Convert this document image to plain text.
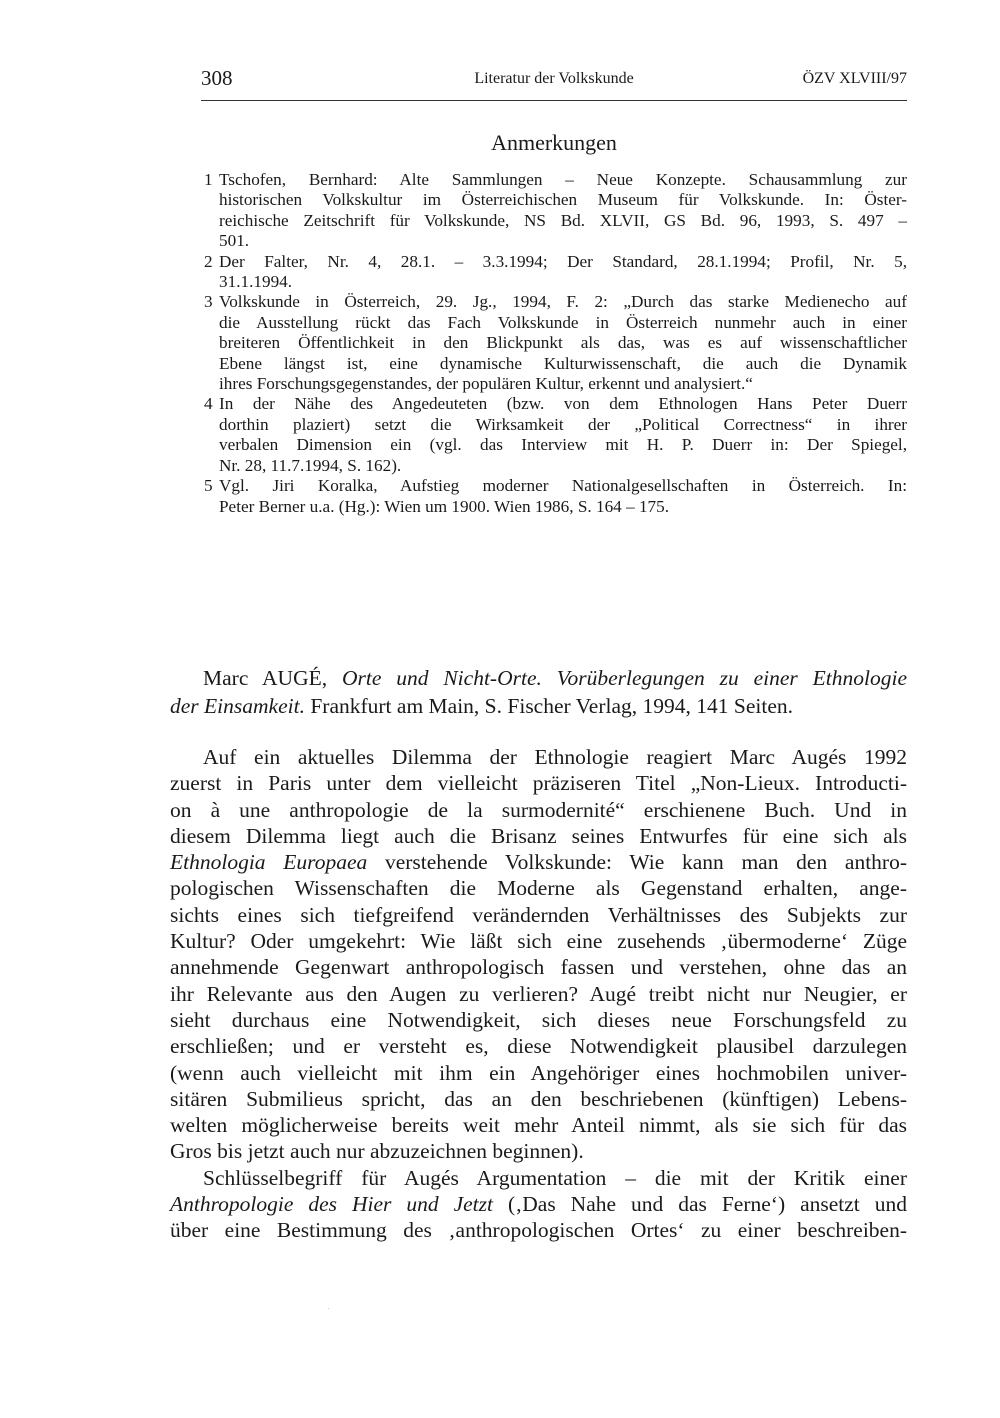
308	Literatur der Volkskunde	ÖZV XLVIII/97
Anmerkungen
1 Tschofen, Bernhard: Alte Sammlungen – Neue Konzepte. Schausammlung zur
historischen Volkskultur im Österreichischen Museum für Volkskunde. In: Öster-
reichische Zeitschrift für Volkskunde, NS Bd. XLVII, GS Bd. 96, 1993, S. 497 –
501.
2 Der Falter, Nr. 4, 28.1. – 3.3.1994; Der Standard, 28.1.1994; Profil, Nr. 5,
31.1.1994.
3 Volkskunde in Österreich, 29. Jg., 1994, F. 2: „Durch das starke Medienecho auf
die Ausstellung rückt das Fach Volkskunde in Österreich nunmehr auch in einer
breiteren Öffentlichkeit in den Blickpunkt als das, was es auf wissenschaftlicher
Ebene längst ist, eine dynamische Kulturwissenschaft, die auch die Dynamik
ihres Forschungsgegenstandes, der populären Kultur, erkennt und analysiert.“
4 In der Nähe des Angedeuteten (bzw. von dem Ethnologen Hans Peter Duerr
dorthin plaziert) setzt die Wirksamkeit der „Political Correctness“ in ihrer
verbalen Dimension ein (vgl. das Interview mit H. P. Duerr in: Der Spiegel,
Nr. 28, 11.7.1994, S. 162).
5 Vgl. Jiri Koralka, Aufstieg moderner Nationalgesellschaften in Österreich. In:
Peter Berner u.a. (Hg.): Wien um 1900. Wien 1986, S. 164 – 175.
Marc AUGÉ, Orte und Nicht-Orte. Vorüberlegungen zu einer Ethnologie
der Einsamkeit. Frankfurt am Main, S. Fischer Verlag, 1994, 141 Seiten.
Auf ein aktuelles Dilemma der Ethnologie reagiert Marc Augés 1992
zuerst in Paris unter dem vielleicht präziseren Titel „Non-Lieux. Introducti-
on à une anthropologie de la surmodernité“ erschienene Buch. Und in
diesem Dilemma liegt auch die Brisanz seines Entwurfes für eine sich als
Ethnologia Europaea verstehende Volkskunde: Wie kann man den anthro-
pologischen Wissenschaften die Moderne als Gegenstand erhalten, ange-
sichts eines sich tiefgreifend verändernden Verhältnisses des Subjekts zur
Kultur? Oder umgekehrt: Wie läßt sich eine zusehends ‚übermoderne‘ Züge
annehmende Gegenwart anthropologisch fassen und verstehen, ohne das an
ihr Relevante aus den Augen zu verlieren? Augé treibt nicht nur Neugier, er
sieht durchaus eine Notwendigkeit, sich dieses neue Forschungsfeld zu
erschließen; und er versteht es, diese Notwendigkeit plausibel darzulegen
(wenn auch vielleicht mit ihm ein Angehöriger eines hochmobilen univer-
sitären Submilieus spricht, das an den beschriebenen (künftigen) Lebens-
welten möglicherweise bereits weit mehr Anteil nimmt, als sie sich für das
Gros bis jetzt auch nur abzuzeichnen beginnen).
Schlüsselbegriff für Augés Argumentation – die mit der Kritik einer
Anthropologie des Hier und Jetzt (‚Das Nahe und das Ferne‘) ansetzt und
über eine Bestimmung des ‚anthropologischen Ortes‘ zu einer beschreiben-
